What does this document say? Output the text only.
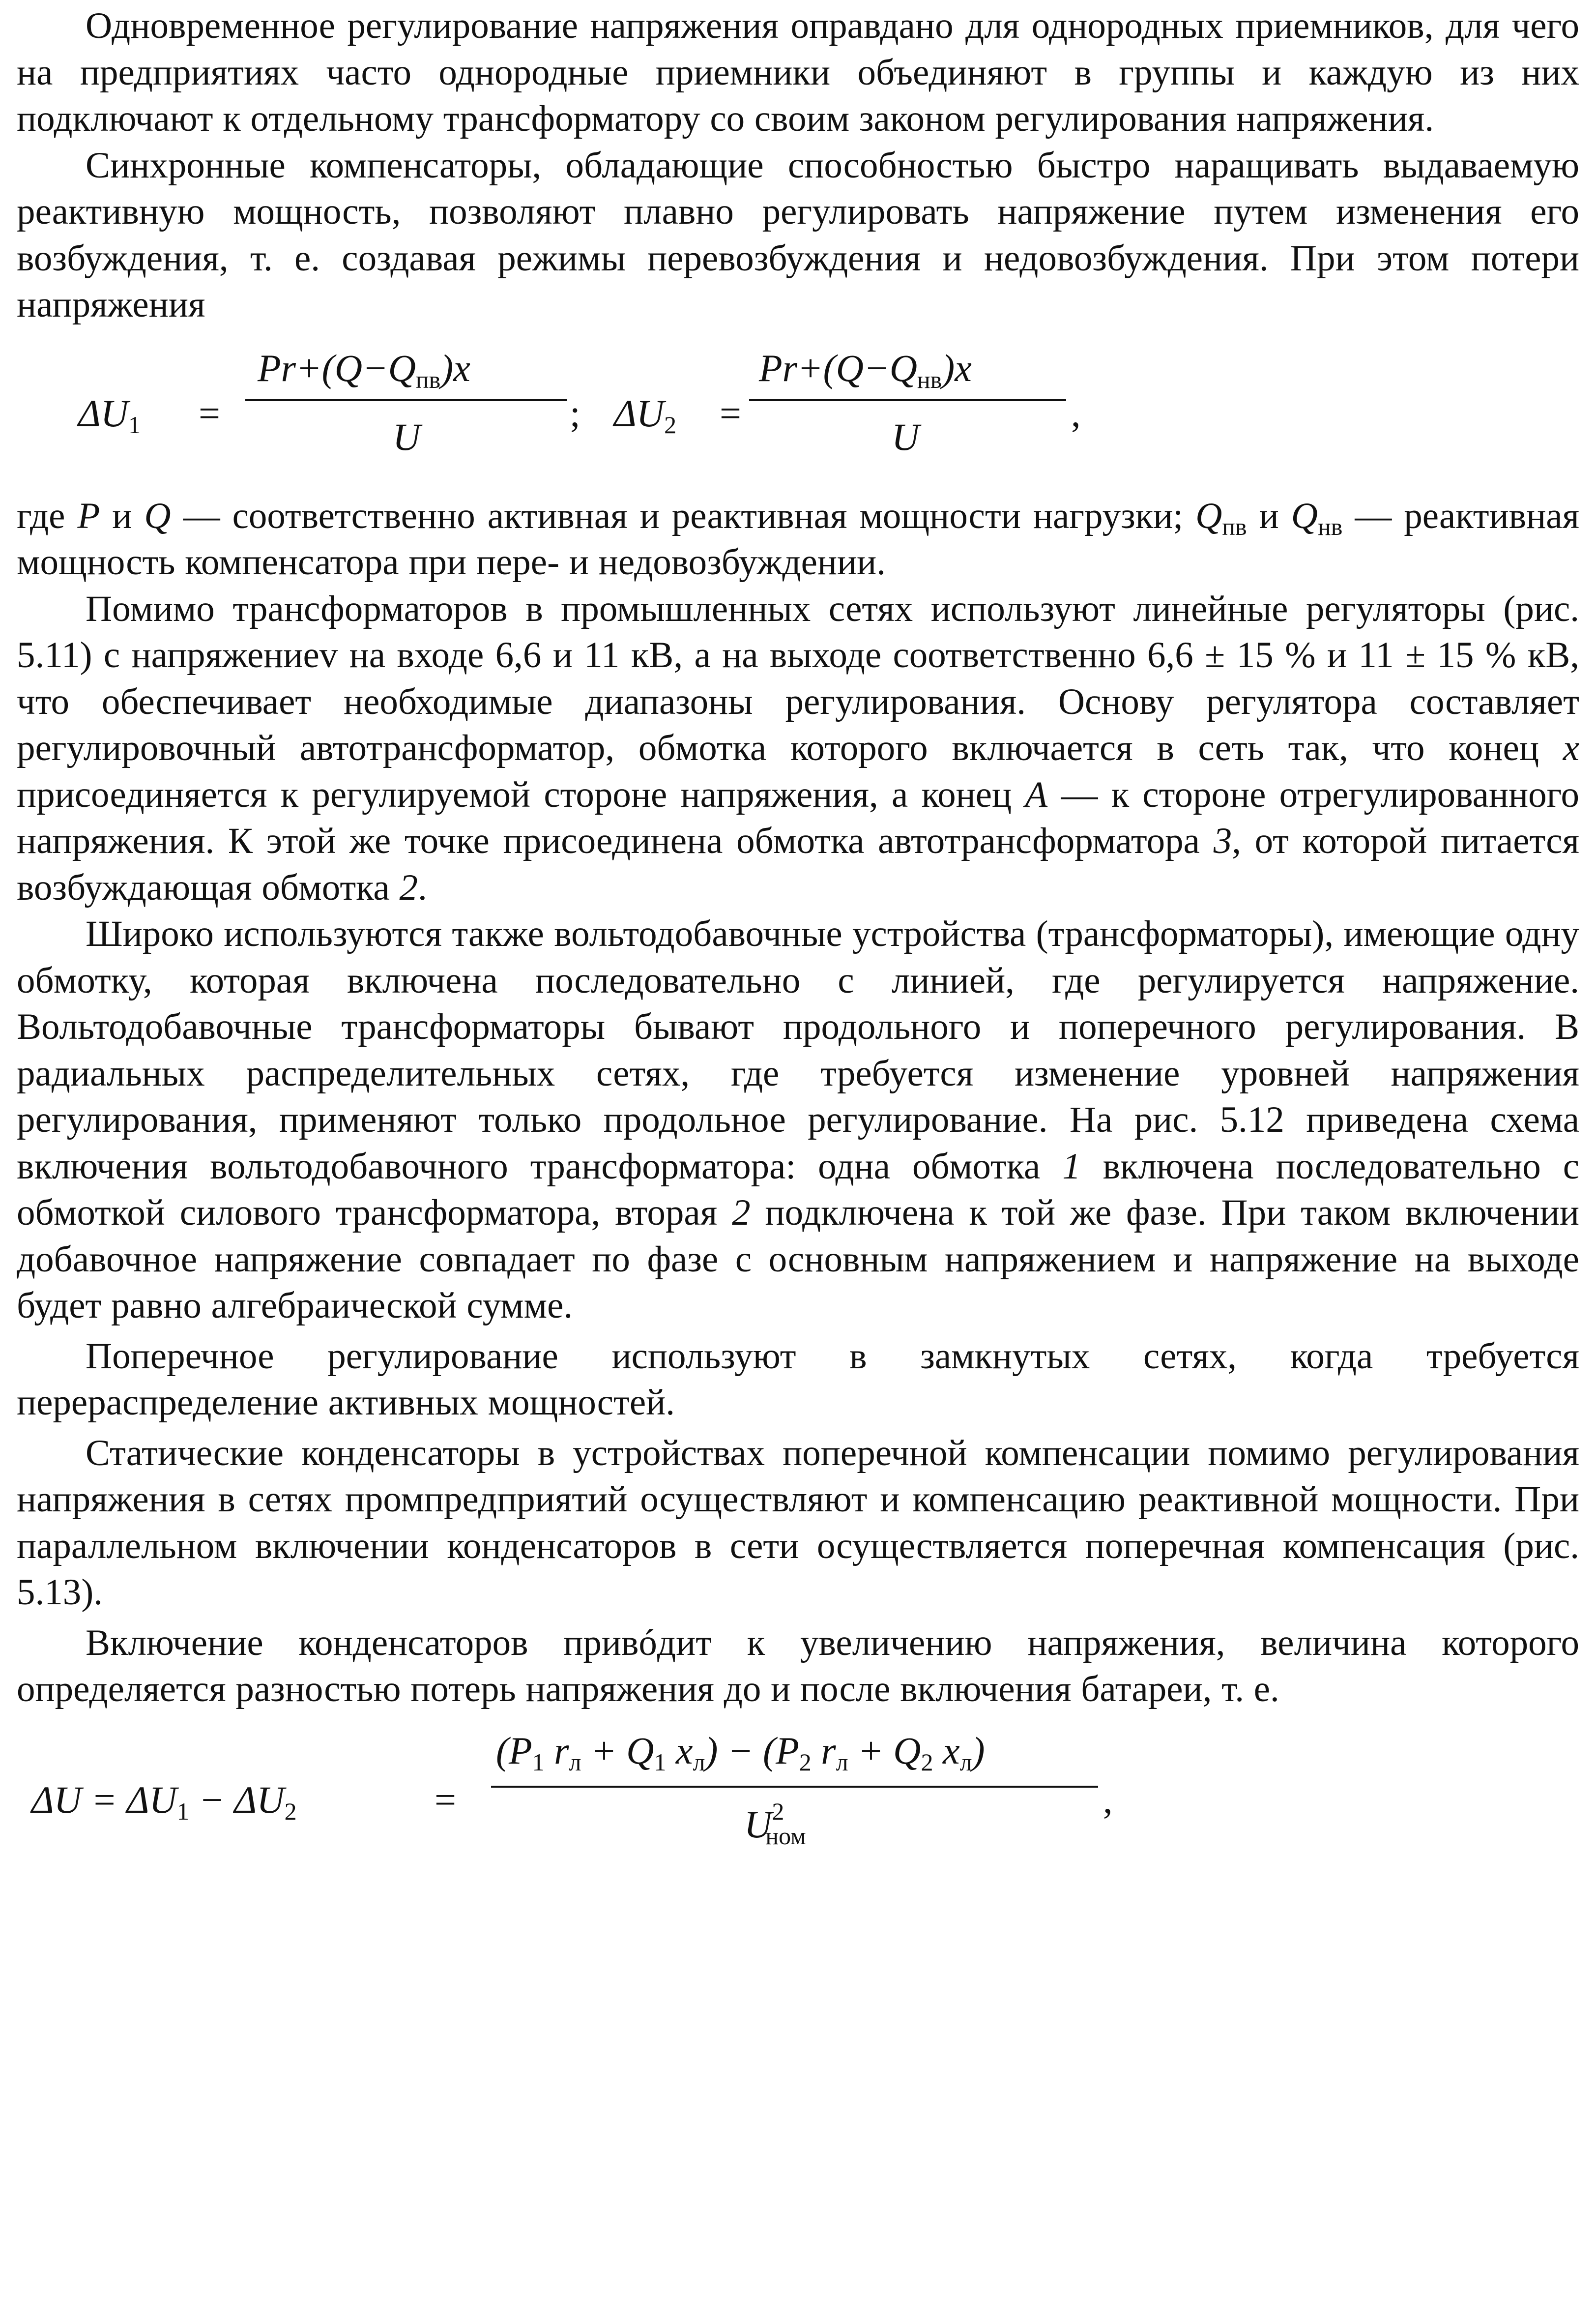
Одновременное регулирование напряжения оправдано для однородных приемников, для чего на предприятиях часто однородные приемники объединяют в группы и каждую из них подключают к отдельному трансформатору со своим законом регулирования напряжения.

Синхронные компенсаторы, обладающие способностью быстро наращивать выдаваемую реактивную мощность, позволяют плавно регулировать напряжение путем изменения его возбуждения, т. е. создавая режимы перевозбуждения и недовозбуждения. При этом потери напряжения

$\Delta U_1$ =
$Pr+(Q-Q_{пв})x$
U
; $\Delta U_2$ =
$Pr+(Q-Q_{нв})x$
U
,

где P и Q — соответственно активная и реактивная мощности нагрузки; $Q_{пв}$ и $Q_{нв}$ — реактивная мощность компенсатора при пере- и недовозбуждении.

Помимо трансформаторов в промышленных сетях используют линейные регуляторы (рис. 5.11) с напряжениеv на входе 6,6 и 11 кВ, а на выходе соответственно 6,6 ± 15 % и 11 ± 15 % кВ, что обеспечивает необходимые диапазоны регулирования. Основу регулятора составляет регулировочный автотрансформатор, обмотка которого включается в сеть так, что конец x присоединяется к регулируемой стороне напряжения, а конец A — к стороне отрегулированного напряжения. К этой же точке присоединена обмотка автотрансформатора 3, от которой питается возбуждающая обмотка 2.

Широко используются также вольтодобавочные устройства (трансформаторы), имеющие одну обмотку, которая включена последовательно с линией, где регулируется напряжение. Вольтодобавочные трансформаторы бывают продольного и поперечного регулирования. В радиальных распределительных сетях, где требуется изменение уровней напряжения регулирования, применяют только продольное регулирование. На рис. 5.12 приведена схема включения вольтодобавочного трансформатора: одна обмотка 1 включена последовательно с обмоткой силового трансформатора, вторая 2 подключена к той же фазе. При таком включении добавочное напряжение совпадает по фазе с основным напряжением и напряжение на выходе будет равно алгебраической сумме.

Поперечное регулирование используют в замкнутых сетях, когда требуется перераспределение активных мощностей.

Статические конденсаторы в устройствах поперечной компенсации помимо регулирования напряжения в сетях промпредприятий осуществляют и компенсацию реактивной мощности. При параллельном включении конденсаторов в сети осуществляется поперечная компенсация (рис. 5.13).

Включение конденсаторов привóдит к увеличению напряжения, величина которого определяется разностью потерь напряжения до и после включения батареи, т. е.

$\Delta U = \Delta U_1 - \Delta U_2$	=
($P_1$ $r_л + Q_1$ $x_л) - (P_2$ $r_л + Q_2$ $x_л$)
$U^2_{ном}$
,
